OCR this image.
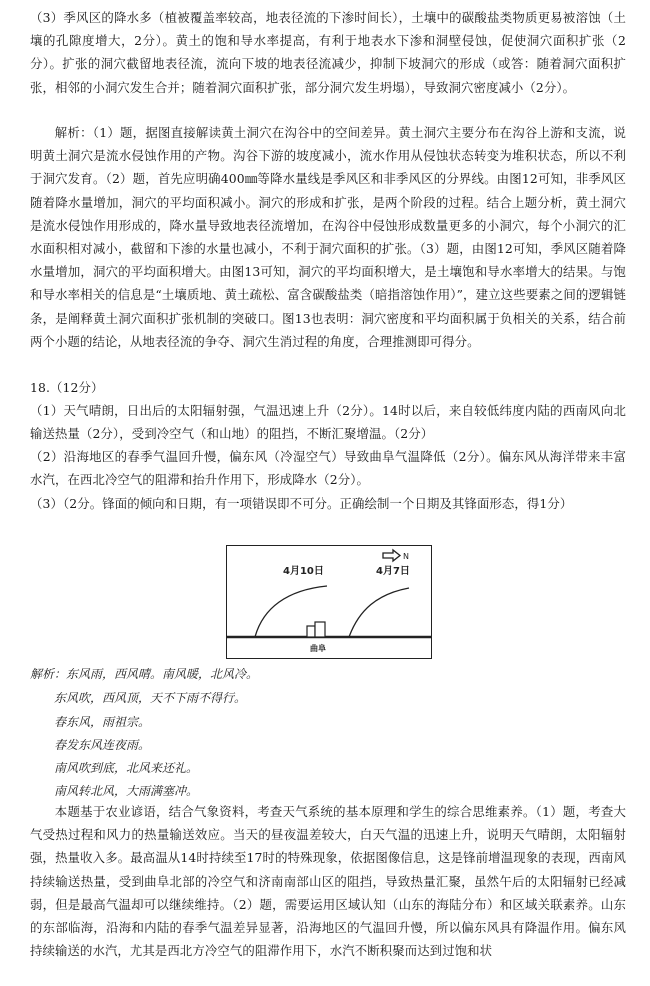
（3）季风区的降水多（植被覆盖率较高，地表径流的下渗时间长），土壤中的碳酸盐类物质更易被溶蚀（土壤的孔隙度增大，2分）。黄土的饱和导水率提高，有利于地表水下渗和洞壁侵蚀，促使洞穴面积扩张（2分）。扩张的洞穴截留地表径流，流向下坡的地表径流减少，抑制下坡洞穴的形成（或答：随着洞穴面积扩张，相邻的小洞穴发生合并；随着洞穴面积扩张，部分洞穴发生坍塌），导致洞穴密度减小（2分）。

解析：（1）题，据图直接解读黄土洞穴在沟谷中的空间差异。黄土洞穴主要分布在沟谷上游和支流，说明黄土洞穴是流水侵蚀作用的产物。沟谷下游的坡度减小，流水作用从侵蚀状态转变为堆积状态，所以不利于洞穴发育。（2）题，首先应明确400㎜等降水量线是季风区和非季风区的分界线。由图12可知，非季风区随着降水量增加，洞穴的平均面积减小。洞穴的形成和扩张，是两个阶段的过程。结合上题分析，黄土洞穴是流水侵蚀作用形成的，降水量导致地表径流增加，在沟谷中侵蚀形成数量更多的小洞穴，每个小洞穴的汇水面积相对减小，截留和下渗的水量也减小，不利于洞穴面积的扩张。（3）题，由图12可知，季风区随着降水量增加，洞穴的平均面积增大。由图13可知，洞穴的平均面积增大，是土壤饱和导水率增大的结果。与饱和导水率相关的信息是“土壤质地、黄土疏松、富含碳酸盐类（暗指溶蚀作用）”，建立这些要素之间的逻辑链条，是阐释黄土洞穴面积扩张机制的突破口。图13也表明：洞穴密度和平均面积属于负相关的关系，结合前两个小题的结论，从地表径流的争夺、洞穴生消过程的角度，合理推测即可得分。

18.（12分）

（1）天气晴朗，日出后的太阳辐射强，气温迅速上升（2分）。14时以后，来自较低纬度内陆的西南风向北输送热量（2分），受到冷空气（和山地）的阻挡，不断汇聚增温。（2分）

（2）沿海地区的春季气温回升慢，偏东风（冷湿空气）导致曲阜气温降低（2分）。偏东风从海洋带来丰富水汽，在西北冷空气的阻滞和抬升作用下，形成降水（2分）。

（3）（2分。锋面的倾向和日期，有一项错误即不可分。正确绘制一个日期及其锋面形态，得1分）

N
4月10日	4月7日
曲阜

解析：东风雨，西风晴。南风暖，北风冷。

东风吹，西风顶，天不下雨不得行。

春东风，雨祖宗。

春发东风连夜雨。

南风吹到底，北风来还礼。

南风转北风，大雨满塞冲。

本题基于农业谚语，结合气象资料，考查天气系统的基本原理和学生的综合思维素养。（1）题，考查大气受热过程和风力的热量输送效应。当天的昼夜温差较大，白天气温的迅速上升，说明天气晴朗，太阳辐射强，热量收入多。最高温从14时持续至17时的特殊现象，依据图像信息，这是锋前增温现象的表现，西南风持续输送热量，受到曲阜北部的冷空气和济南南部山区的阻挡，导致热量汇聚，虽然午后的太阳辐射已经减弱，但是最高气温却可以继续维持。（2）题，需要运用区域认知（山东的海陆分布）和区域关联素养。山东的东部临海，沿海和内陆的春季气温差异显著，沿海地区的气温回升慢，所以偏东风具有降温作用。偏东风持续输送的水汽，尤其是西北方冷空气的阻滞作用下，水汽不断积聚而达到过饱和状
